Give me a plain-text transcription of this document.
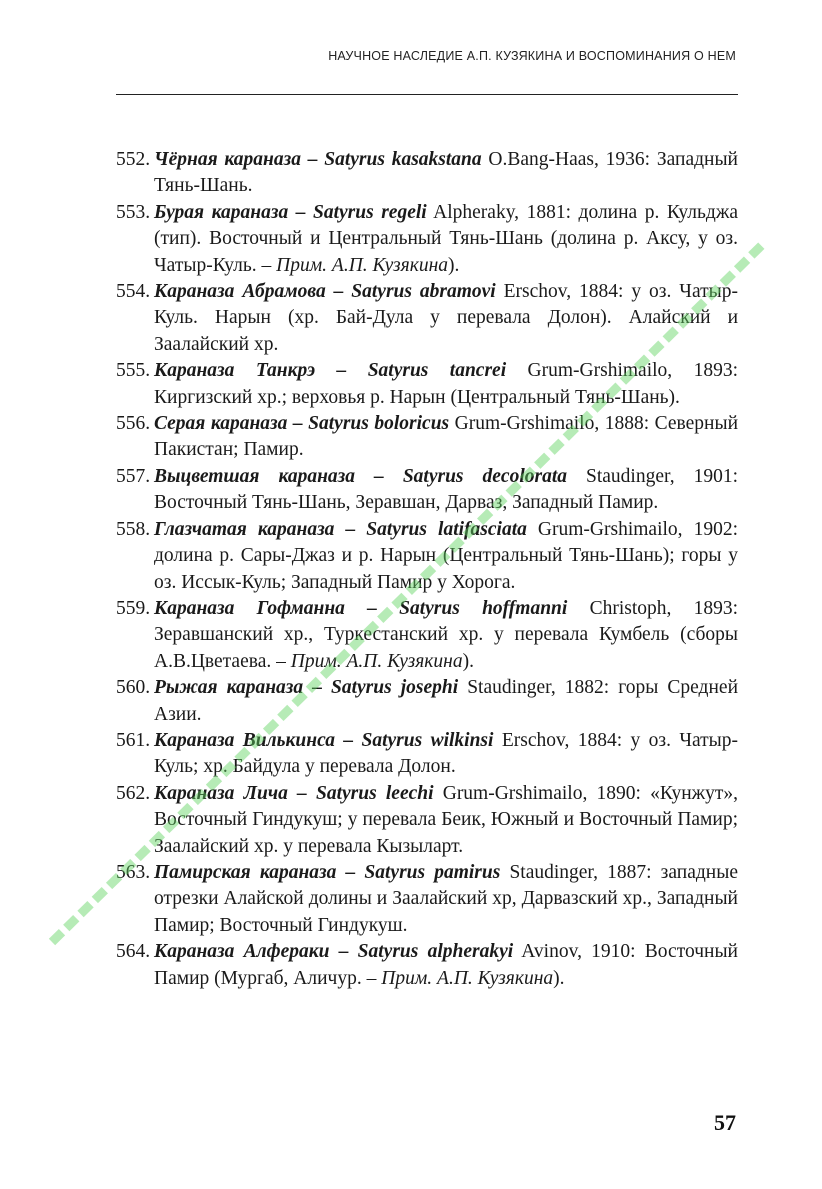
НАУЧНОЕ НАСЛЕДИЕ А.П. КУЗЯКИНА И ВОСПОМИНАНИЯ О НЕМ
552. Чёрная караназа – Satyrus kasakstana O.Bang-Haas, 1936: Западный Тянь-Шань.
553. Бурая караназа – Satyrus regeli Alpheraky, 1881: долина р. Кульджа (тип). Восточный и Центральный Тянь-Шань (долина р. Аксу, у оз. Чатыр-Куль. – Прим. А.П. Кузякина).
554. Караназа Абрамова – Satyrus abramovi Erschov, 1884: у оз. Чатыр-Куль. Нарын (хр. Бай-Дула у перевала Долон). Алайский и Заалайский хр.
555. Караназа Танкрэ – Satyrus tancrei Grum-Grshimailo, 1893: Киргизский хр.; верховья р. Нарын (Центральный Тянь-Шань).
556. Серая караназа – Satyrus boloricus Grum-Grshimailo, 1888: Северный Пакистан; Памир.
557. Выцветшая караназа – Satyrus decolorata Staudinger, 1901: Восточный Тянь-Шань, Зеравшан, Дарваз, Западный Памир.
558. Глазчатая караназа – Satyrus latifasciata Grum-Grshimailo, 1902: долина р. Сары-Джаз и р. Нарын (Центральный Тянь-Шань); горы у оз. Иссык-Куль; Западный Памир у Хорога.
559. Караназа Гофманна – Satyrus hoffmanni Christoph, 1893: Зеравшанский хр., Туркестанский хр. у перевала Кумбель (сборы А.В.Цветаева. – Прим. А.П. Кузякина).
560. Рыжая караназа – Satyrus josephi Staudinger, 1882: горы Средней Азии.
561. Караназа Вилькинса – Satyrus wilkinsi Erschov, 1884: у оз. Чатыр-Куль; хр. Байдула у перевала Долон.
562. Караназа Лича – Satyrus leechi Grum-Grshimailo, 1890: «Кунжут», Восточный Гиндукуш; у перевала Беик, Южный и Восточный Памир; Заалайский хр. у перевала Кызыларт.
563. Памирская караназа – Satyrus pamirus Staudinger, 1887: западные отрезки Алайской долины и Заалайский хр, Дарвазский хр., Западный Памир; Восточный Гиндукуш.
564. Караназа Алфераки – Satyrus alpherakyi Avinov, 1910: Восточный Памир (Мургаб, Аличур. – Прим. А.П. Кузякина).
57
